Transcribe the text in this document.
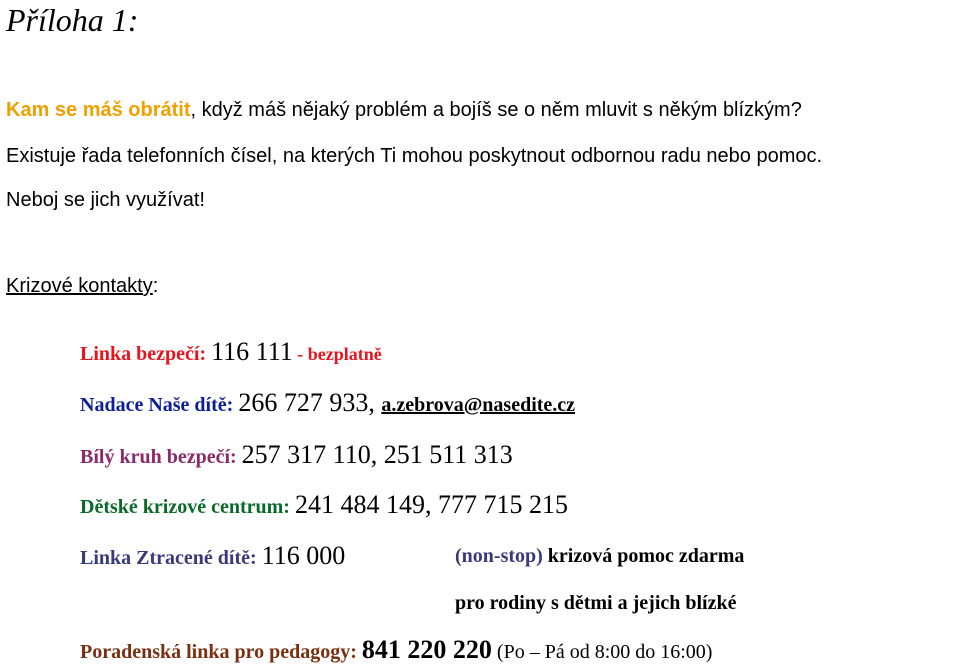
Příloha 1:
Kam se máš obrátit, když máš nějaký problém a bojíš se o něm mluvit s někým blízkým?
Existuje řada telefonních čísel, na kterých Ti mohou poskytnout odbornou radu nebo pomoc.
Neboj se jich využívat!
Krizové kontakty:
Linka bezpečí: 116 111 - bezplatně
Nadace Naše dítě: 266 727 933, a.zebrova@nasedite.cz
Bílý kruh bezpečí: 257 317 110, 251 511 313
Dětské krizové centrum: 241 484 149, 777 715 215
Linka Ztracené dítě: 116 000	(non-stop) krizová pomoc zdarma
pro rodiny s dětmi a jejich blízké
Poradenská linka pro pedagogy: 841 220 220 (Po – Pá od 8:00 do 16:00)
